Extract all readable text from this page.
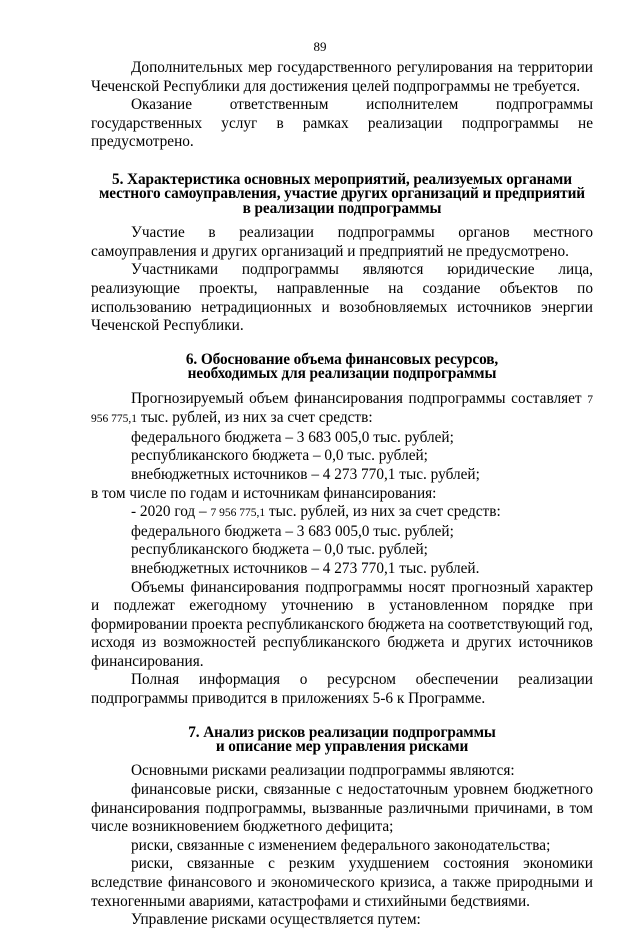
89

Дополнительных мер государственного регулирования на территории Чеченской Республики для достижения целей подпрограммы не требуется.

Оказание ответственным исполнителем подпрограммы государственных услуг в рамках реализации подпрограммы не предусмотрено.

5. Характеристика основных мероприятий, реализуемых органами

местного самоуправления, участие других организаций и предприятий

в реализации подпрограммы

Участие в реализации подпрограммы органов местного самоуправления и других организаций и предприятий не предусмотрено.

Участниками подпрограммы являются юридические лица, реализующие проекты, направленные на создание объектов по использованию нетрадиционных и возобновляемых источников энергии Чеченской Республики.

6. Обоснование объема финансовых ресурсов,

необходимых для реализации подпрограммы

Прогнозируемый объем финансирования подпрограммы составляет 7 956 775,1 тыс. рублей, из них за счет средств:

федерального бюджета – 3 683 005,0 тыс. рублей;

республиканского бюджета – 0,0 тыс. рублей;

внебюджетных источников – 4 273 770,1 тыс. рублей;

в том числе по годам и источникам финансирования:

- 2020 год – 7 956 775,1 тыс. рублей, из них за счет средств:

федерального бюджета – 3 683 005,0 тыс. рублей;

республиканского бюджета – 0,0 тыс. рублей;

внебюджетных источников – 4 273 770,1 тыс. рублей.

Объемы финансирования подпрограммы носят прогнозный характер и подлежат ежегодному уточнению в установленном порядке при формировании проекта республиканского бюджета на соответствующий год, исходя из возможностей республиканского бюджета и других источников финансирования.

Полная информация о ресурсном обеспечении реализации подпрограммы приводится в приложениях 5-6 к Программе.

7. Анализ рисков реализации подпрограммы

и описание мер управления рисками

Основными рисками реализации подпрограммы являются:

финансовые риски, связанные с недостаточным уровнем бюджетного финансирования подпрограммы, вызванные различными причинами, в том числе возникновением бюджетного дефицита;

риски, связанные с изменением федерального законодательства;

риски, связанные с резким ухудшением состояния экономики вследствие финансового и экономического кризиса, а также природными и техногенными авариями, катастрофами и стихийными бедствиями.

Управление рисками осуществляется путем:
